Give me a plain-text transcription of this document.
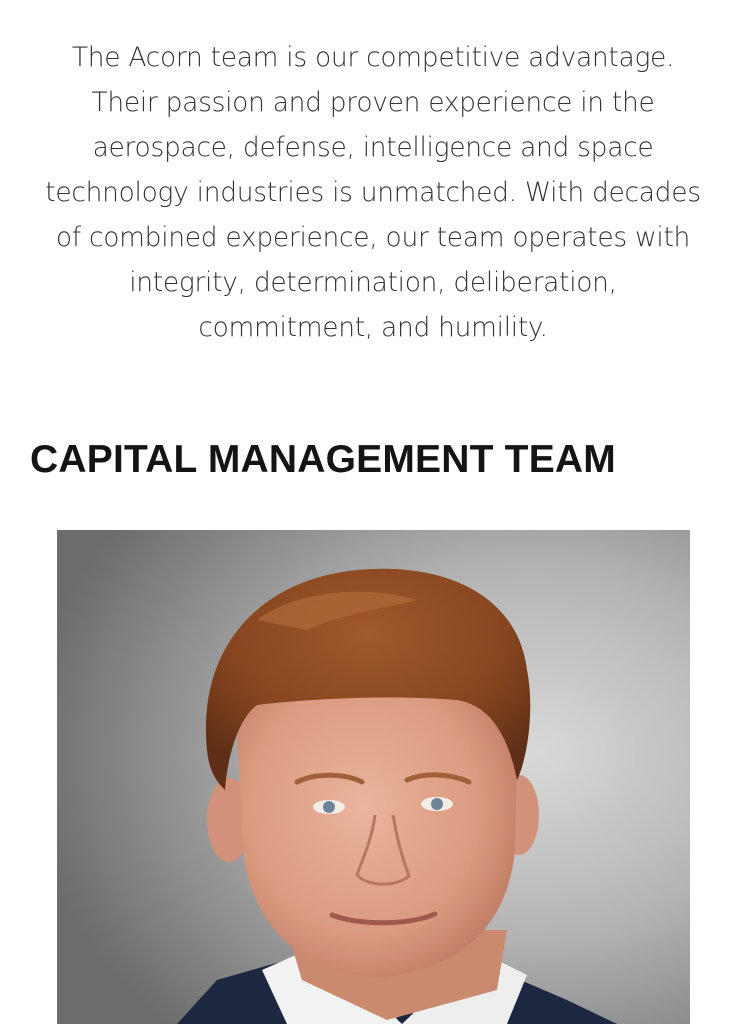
The Acorn team is our competitive advantage. Their passion and proven experience in the aerospace, defense, intelligence and space technology industries is unmatched. With decades of combined experience, our team operates with integrity, determination, deliberation, commitment, and humility.

CAPITAL MANAGEMENT TEAM
